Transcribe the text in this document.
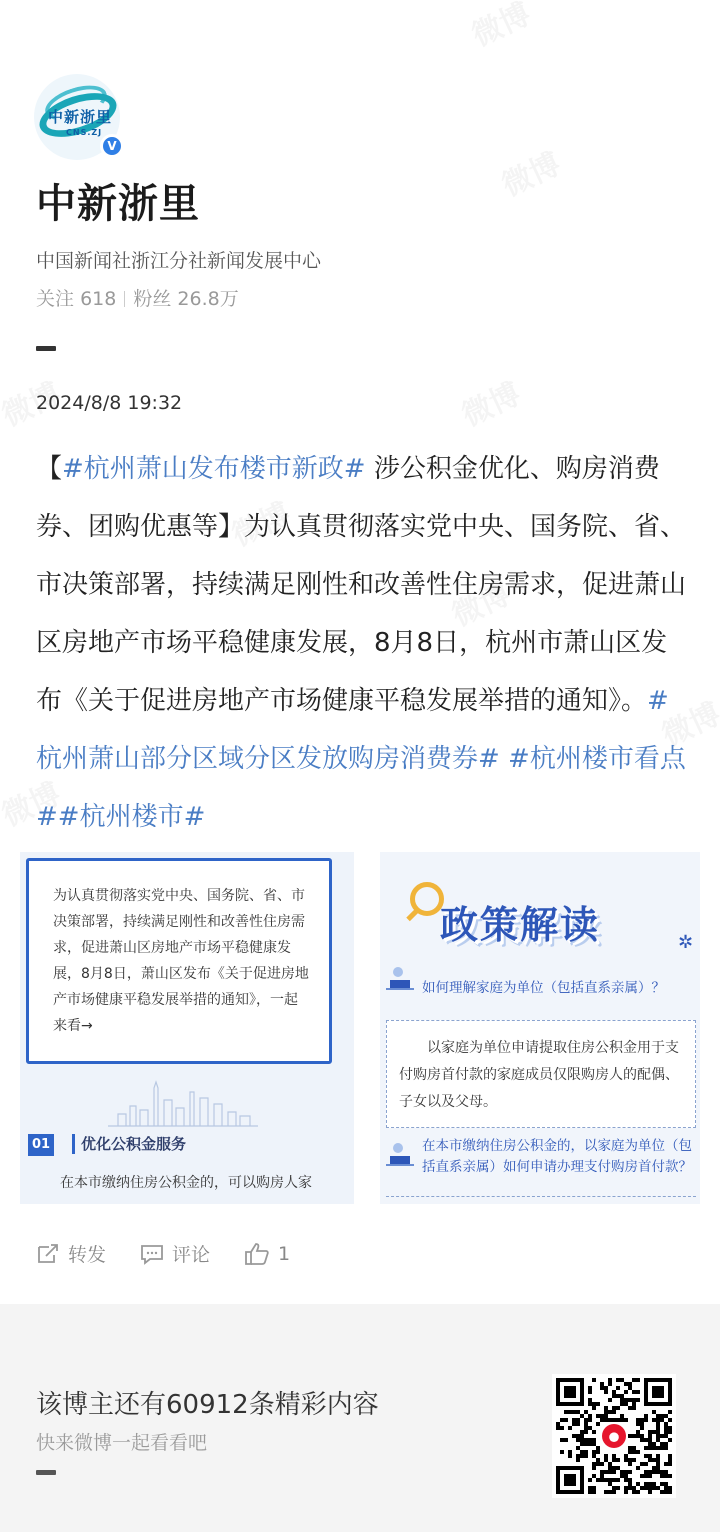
中新浙里
CNS.ZJ
V
中新浙里
中国新闻社浙江分社新闻发展中心
关注 618 粉丝 26.8万
2024/8/8 19:32
【#杭州萧山发布楼市新政# 涉公积金优化、购房消费券、团购优惠等】为认真贯彻落实党中央、国务院、省、市决策部署，持续满足刚性和改善性住房需求，促进萧山区房地产市场平稳健康发展，8月8日，杭州市萧山区发布《关于促进房地产市场健康平稳发展举措的通知》。#杭州萧山部分区域分区发放购房消费券# #杭州楼市看点##杭州楼市#
为认真贯彻落实党中央、国务院、省、市决策部署，持续满足刚性和改善性住房需求，促进萧山区房地产市场平稳健康发展，8月8日，萧山区发布《关于促进房地产市场健康平稳发展举措的通知》，一起来看→
01	优化公积金服务
在本市缴纳住房公积金的，可以购房人家
政策解读	✲
如何理解家庭为单位（包括直系亲属）？
以家庭为单位申请提取住房公积金用于支付购房首付款的家庭成员仅限购房人的配偶、子女以及父母。
在本市缴纳住房公积金的，以家庭为单位（包括直系亲属）如何申请办理支付购房首付款？
转发	评论	1
该博主还有60912条精彩内容
快来微博一起看看吧
